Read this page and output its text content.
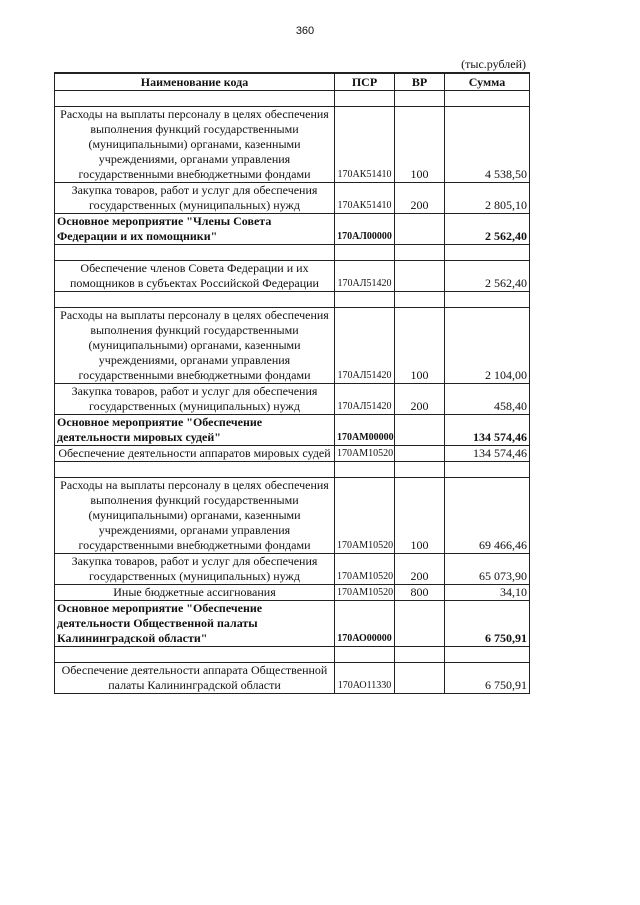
360
(тыс.рублей)
Наименование кода	ПСР	ВР	Сумма

Расходы на выплаты персоналу в целях обеспечения выполнения функций государственными (муниципальными) органами, казенными учреждениями, органами управления государственными внебюджетными фондами	170АК51410	100	4 538,50
Закупка товаров, работ и услуг для обеспечения государственных (муниципальных) нужд	170АК51410	200	2 805,10
Основное мероприятие "Члены Совета Федерации и их помощники"	170АЛ00000		2 562,40

Обеспечение членов Совета Федерации и их помощников в субъектах Российской Федерации	170АЛ51420		2 562,40

Расходы на выплаты персоналу в целях обеспечения выполнения функций государственными (муниципальными) органами, казенными учреждениями, органами управления государственными внебюджетными фондами	170АЛ51420	100	2 104,00
Закупка товаров, работ и услуг для обеспечения государственных (муниципальных) нужд	170АЛ51420	200	458,40
Основное мероприятие "Обеспечение деятельности мировых судей"	170АМ00000		134 574,46
Обеспечение деятельности аппаратов мировых судей	170АМ10520		134 574,46

Расходы на выплаты персоналу в целях обеспечения выполнения функций государственными (муниципальными) органами, казенными учреждениями, органами управления государственными внебюджетными фондами	170АМ10520	100	69 466,46
Закупка товаров, работ и услуг для обеспечения государственных (муниципальных) нужд	170АМ10520	200	65 073,90
Иные бюджетные ассигнования	170АМ10520	800	34,10
Основное мероприятие "Обеспечение деятельности Общественной палаты Калининградской области"	170АО00000		6 750,91

Обеспечение деятельности аппарата Общественной палаты Калининградской области	170АО11330		6 750,91
